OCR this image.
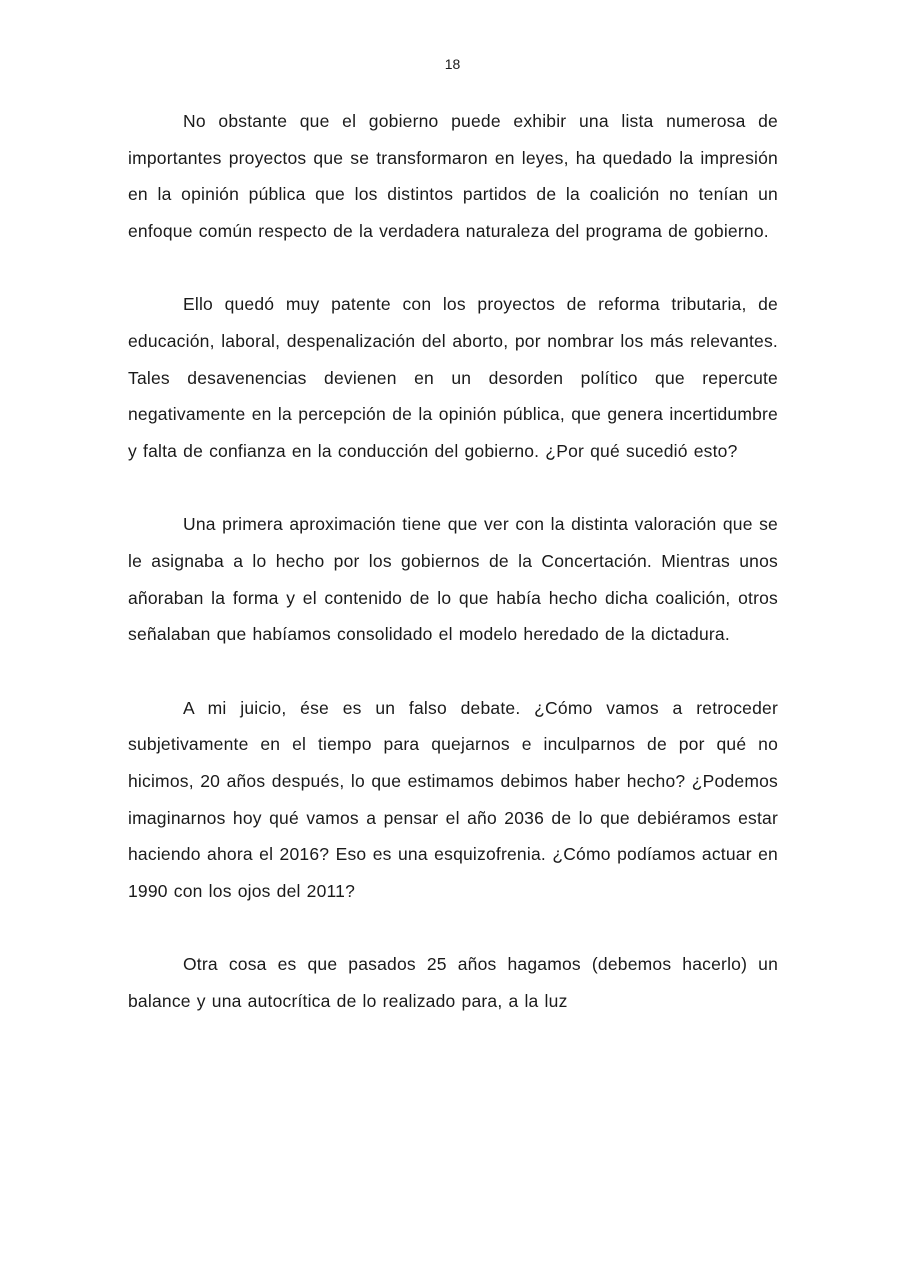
18

No obstante que el gobierno puede exhibir una lista numerosa de importantes proyectos que se transformaron en leyes, ha quedado la impresión en la opinión pública que los distintos partidos de la coalición no tenían un enfoque común respecto de la verdadera naturaleza del programa de gobierno.

Ello quedó muy patente con los proyectos de reforma tributaria, de educación, laboral, despenalización del aborto, por nombrar los más relevantes. Tales desavenencias devienen en un desorden político que repercute negativamente en la percepción de la opinión pública, que genera incertidumbre y falta de confianza en la conducción del gobierno. ¿Por qué sucedió esto?

Una primera aproximación tiene que ver con la distinta valoración que se le asignaba a lo hecho por los gobiernos de la Concertación. Mientras unos añoraban la forma y el contenido de lo que había hecho dicha coalición, otros señalaban que habíamos consolidado el modelo heredado de la dictadura.

A mi juicio, ése es un falso debate. ¿Cómo vamos a retroceder subjetivamente en el tiempo para quejarnos e inculparnos de por qué no hicimos, 20 años después, lo que estimamos debimos haber hecho? ¿Podemos imaginarnos hoy qué vamos a pensar el año 2036 de lo que debiéramos estar haciendo ahora el 2016? Eso es una esquizofrenia. ¿Cómo podíamos actuar en 1990 con los ojos del 2011?

Otra cosa es que pasados 25 años hagamos (debemos hacerlo) un balance y una autocrítica de lo realizado para, a la luz
